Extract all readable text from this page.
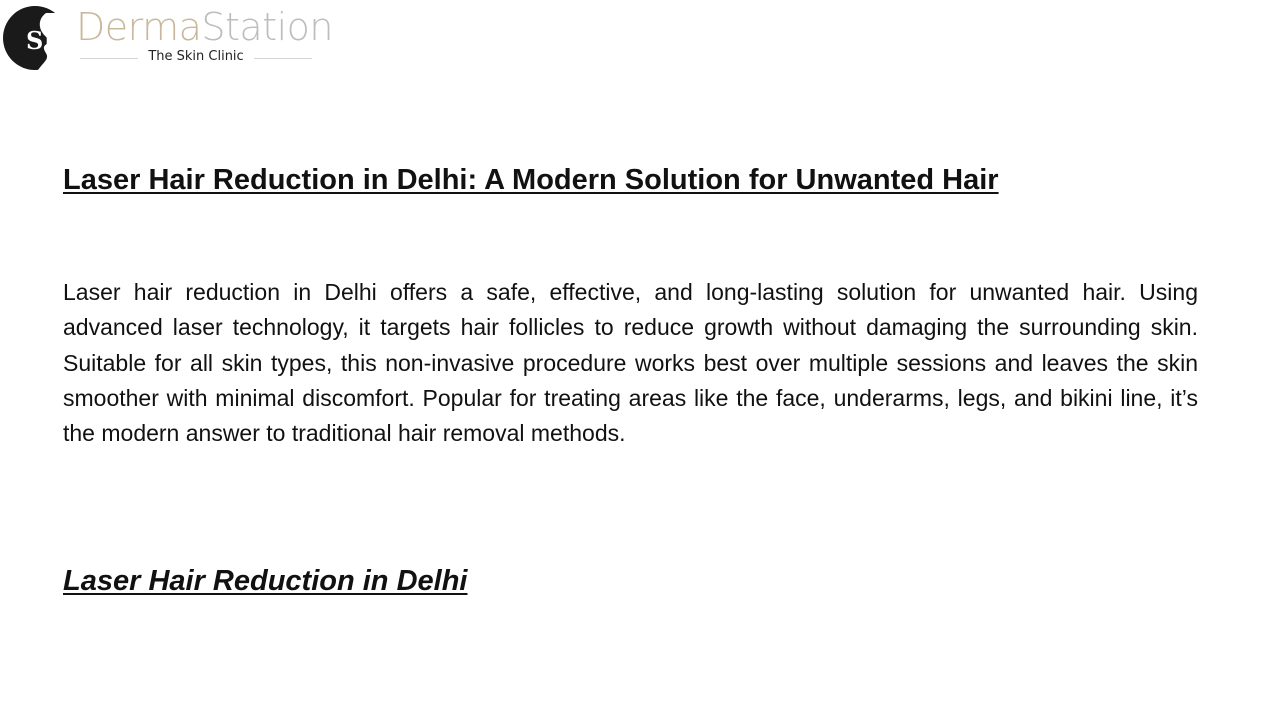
SD DermaStation
The Skin Clinic
Laser Hair Reduction in Delhi: A Modern Solution for Unwanted Hair

Laser hair reduction in Delhi offers a safe, effective, and long-lasting solution for unwanted hair. Using advanced laser technology, it targets hair follicles to reduce growth without damaging the surrounding skin. Suitable for all skin types, this non-invasive procedure works best over multiple sessions and leaves the skin smoother with minimal discomfort. Popular for treating areas like the face, underarms, legs, and bikini line, it’s the modern answer to traditional hair removal methods.

Laser Hair Reduction in Delhi
